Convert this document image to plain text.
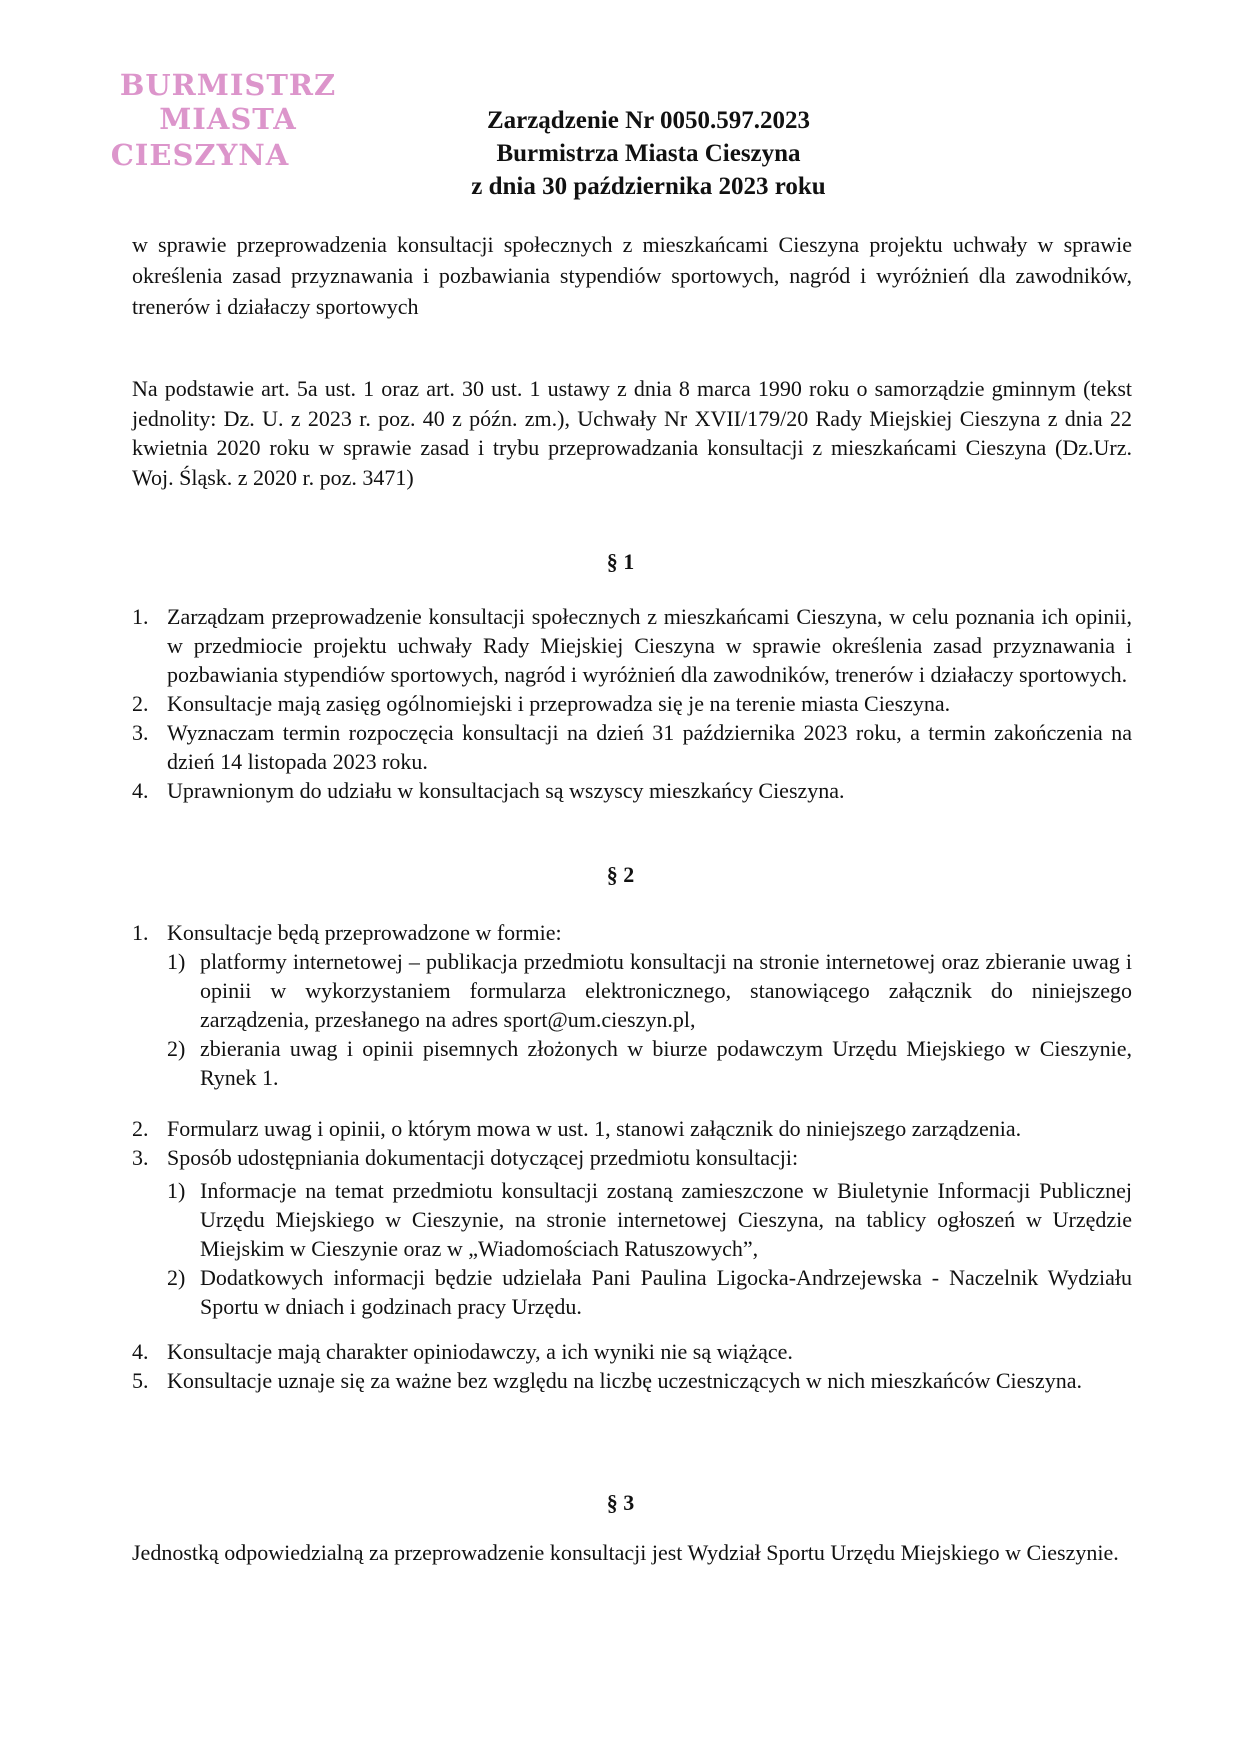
BURMISTRZ MIASTA
CIESZYNA
Zarządzenie Nr 0050.597.2023
Burmistrza Miasta Cieszyna
z dnia 30 października 2023 roku
w sprawie przeprowadzenia konsultacji społecznych z mieszkańcami Cieszyna projektu uchwały w sprawie określenia zasad przyznawania i pozbawiania stypendiów sportowych, nagród i wyróżnień dla zawodników, trenerów i działaczy sportowych
Na podstawie art. 5a ust. 1 oraz art. 30 ust. 1 ustawy z dnia 8 marca 1990 roku o samorządzie gminnym (tekst jednolity: Dz. U. z 2023 r. poz. 40 z późn. zm.), Uchwały Nr XVII/179/20 Rady Miejskiej Cieszyna z dnia 22 kwietnia 2020 roku w sprawie zasad i trybu przeprowadzania konsultacji z mieszkańcami Cieszyna (Dz.Urz. Woj. Śląsk. z 2020 r. poz. 3471)
§ 1
1. Zarządzam przeprowadzenie konsultacji społecznych z mieszkańcami Cieszyna, w celu poznania ich opinii, w przedmiocie projektu uchwały Rady Miejskiej Cieszyna w sprawie określenia zasad przyznawania i pozbawiania stypendiów sportowych, nagród i wyróżnień dla zawodników, trenerów i działaczy sportowych.
2. Konsultacje mają zasięg ogólnomiejski i przeprowadza się je na terenie miasta Cieszyna.
3. Wyznaczam termin rozpoczęcia konsultacji na dzień 31 października 2023 roku, a termin zakończenia na dzień 14 listopada 2023 roku.
4. Uprawnionym do udziału w konsultacjach są wszyscy mieszkańcy Cieszyna.
§ 2
1. Konsultacje będą przeprowadzone w formie:
1) platformy internetowej – publikacja przedmiotu konsultacji na stronie internetowej oraz zbieranie uwag i opinii w wykorzystaniem formularza elektronicznego, stanowiącego załącznik do niniejszego zarządzenia, przesłanego na adres sport@um.cieszyn.pl,
2) zbierania uwag i opinii pisemnych złożonych w biurze podawczym Urzędu Miejskiego w Cieszynie, Rynek 1.
2. Formularz uwag i opinii, o którym mowa w ust. 1, stanowi załącznik do niniejszego zarządzenia.
3. Sposób udostępniania dokumentacji dotyczącej przedmiotu konsultacji:
1) Informacje na temat przedmiotu konsultacji zostaną zamieszczone w Biuletynie Informacji Publicznej Urzędu Miejskiego w Cieszynie, na stronie internetowej Cieszyna, na tablicy ogłoszeń w Urzędzie Miejskim w Cieszynie oraz w „Wiadomościach Ratuszowych”,
2) Dodatkowych informacji będzie udzielała Pani Paulina Ligocka-Andrzejewska - Naczelnik Wydziału Sportu w dniach i godzinach pracy Urzędu.
4. Konsultacje mają charakter opiniodawczy, a ich wyniki nie są wiążące.
5. Konsultacje uznaje się za ważne bez względu na liczbę uczestniczących w nich mieszkańców Cieszyna.
§ 3
Jednostką odpowiedzialną za przeprowadzenie konsultacji jest Wydział Sportu Urzędu Miejskiego w Cieszynie.
